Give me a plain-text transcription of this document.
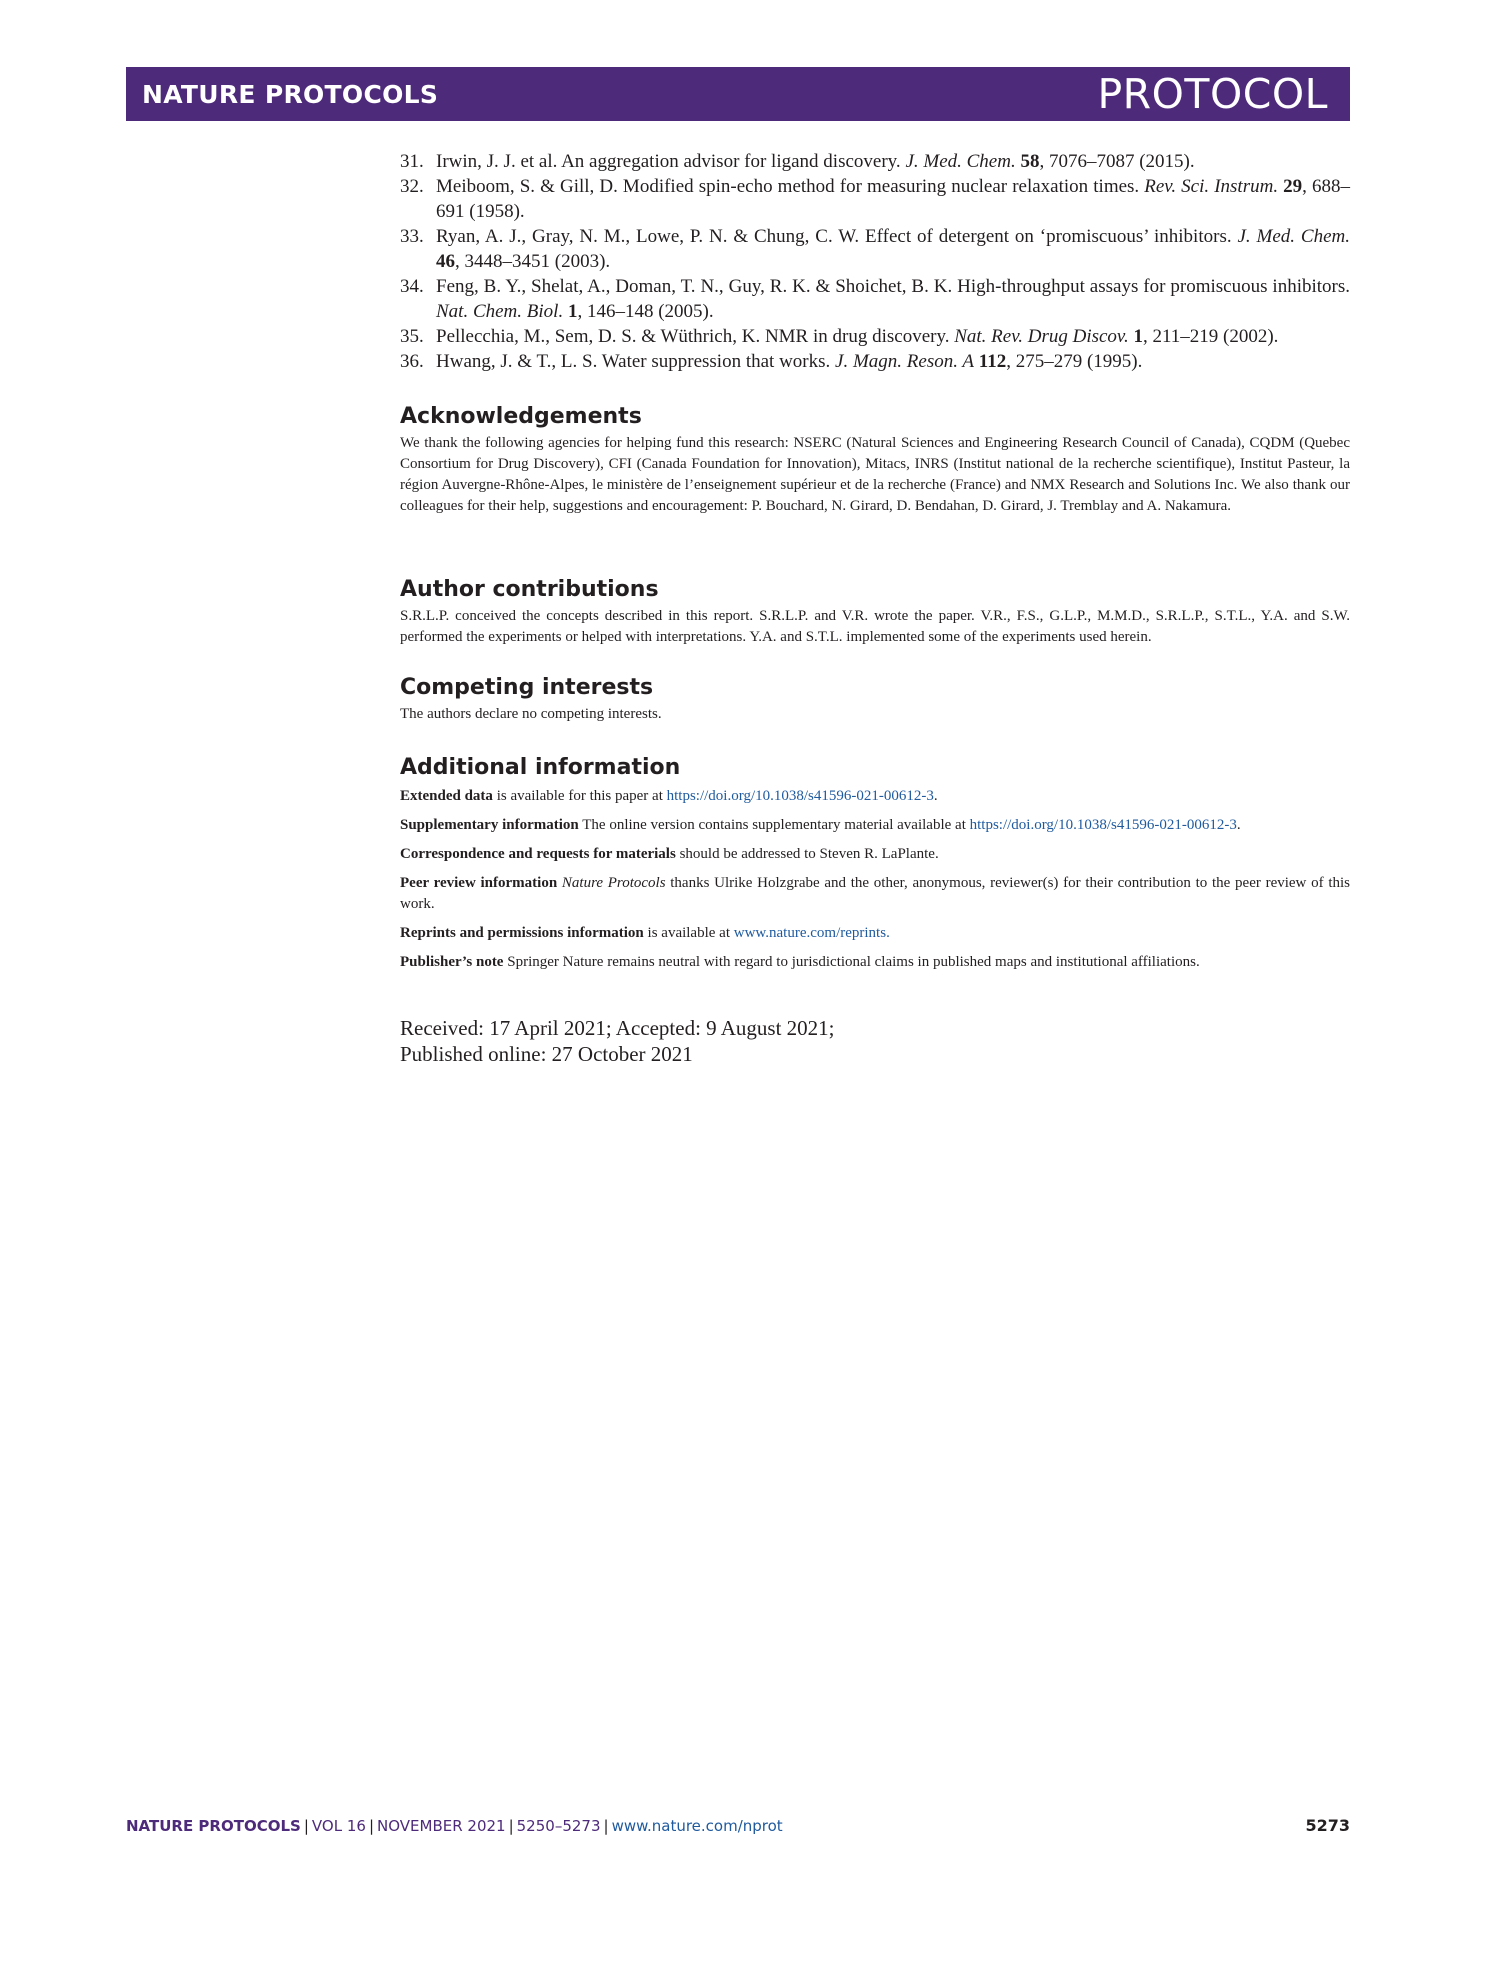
NATURE PROTOCOLS	PROTOCOL
31. Irwin, J. J. et al. An aggregation advisor for ligand discovery. J. Med. Chem. 58, 7076–7087 (2015).
32. Meiboom, S. & Gill, D. Modified spin-echo method for measuring nuclear relaxation times. Rev. Sci. Instrum. 29, 688–691 (1958).
33. Ryan, A. J., Gray, N. M., Lowe, P. N. & Chung, C. W. Effect of detergent on ‘promiscuous’ inhibitors. J. Med. Chem. 46, 3448–3451 (2003).
34. Feng, B. Y., Shelat, A., Doman, T. N., Guy, R. K. & Shoichet, B. K. High-throughput assays for promiscuous inhibitors. Nat. Chem. Biol. 1, 146–148 (2005).
35. Pellecchia, M., Sem, D. S. & Wüthrich, K. NMR in drug discovery. Nat. Rev. Drug Discov. 1, 211–219 (2002).
36. Hwang, J. & T., L. S. Water suppression that works. J. Magn. Reson. A 112, 275–279 (1995).
Acknowledgements

We thank the following agencies for helping fund this research: NSERC (Natural Sciences and Engineering Research Council of Canada), CQDM (Quebec Consortium for Drug Discovery), CFI (Canada Foundation for Innovation), Mitacs, INRS (Institut national de la recherche scientifique), Institut Pasteur, la région Auvergne-Rhône-Alpes, le ministère de l’enseignement supérieur et de la recherche (France) and NMX Research and Solutions Inc. We also thank our colleagues for their help, suggestions and encouragement: P. Bouchard, N. Girard, D. Bendahan, D. Girard, J. Tremblay and A. Nakamura.

Author contributions

S.R.L.P. conceived the concepts described in this report. S.R.L.P. and V.R. wrote the paper. V.R., F.S., G.L.P., M.M.D., S.R.L.P., S.T.L., Y.A. and S.W. performed the experiments or helped with interpretations. Y.A. and S.T.L. implemented some of the experiments used herein.

Competing interests

The authors declare no competing interests.

Additional information

Extended data is available for this paper at https://doi.org/10.1038/s41596-021-00612-3.

Supplementary information The online version contains supplementary material available at https://doi.org/10.1038/s41596-021-00612-3.

Correspondence and requests for materials should be addressed to Steven R. LaPlante.

Peer review information Nature Protocols thanks Ulrike Holzgrabe and the other, anonymous, reviewer(s) for their contribution to the peer review of this work.

Reprints and permissions information is available at www.nature.com/reprints.

Publisher’s note Springer Nature remains neutral with regard to jurisdictional claims in published maps and institutional affiliations.

Received: 17 April 2021; Accepted: 9 August 2021;
Published online: 27 October 2021
NATURE PROTOCOLS | VOL 16 | NOVEMBER 2021 | 5250–5273 | www.nature.com/nprot	5273
